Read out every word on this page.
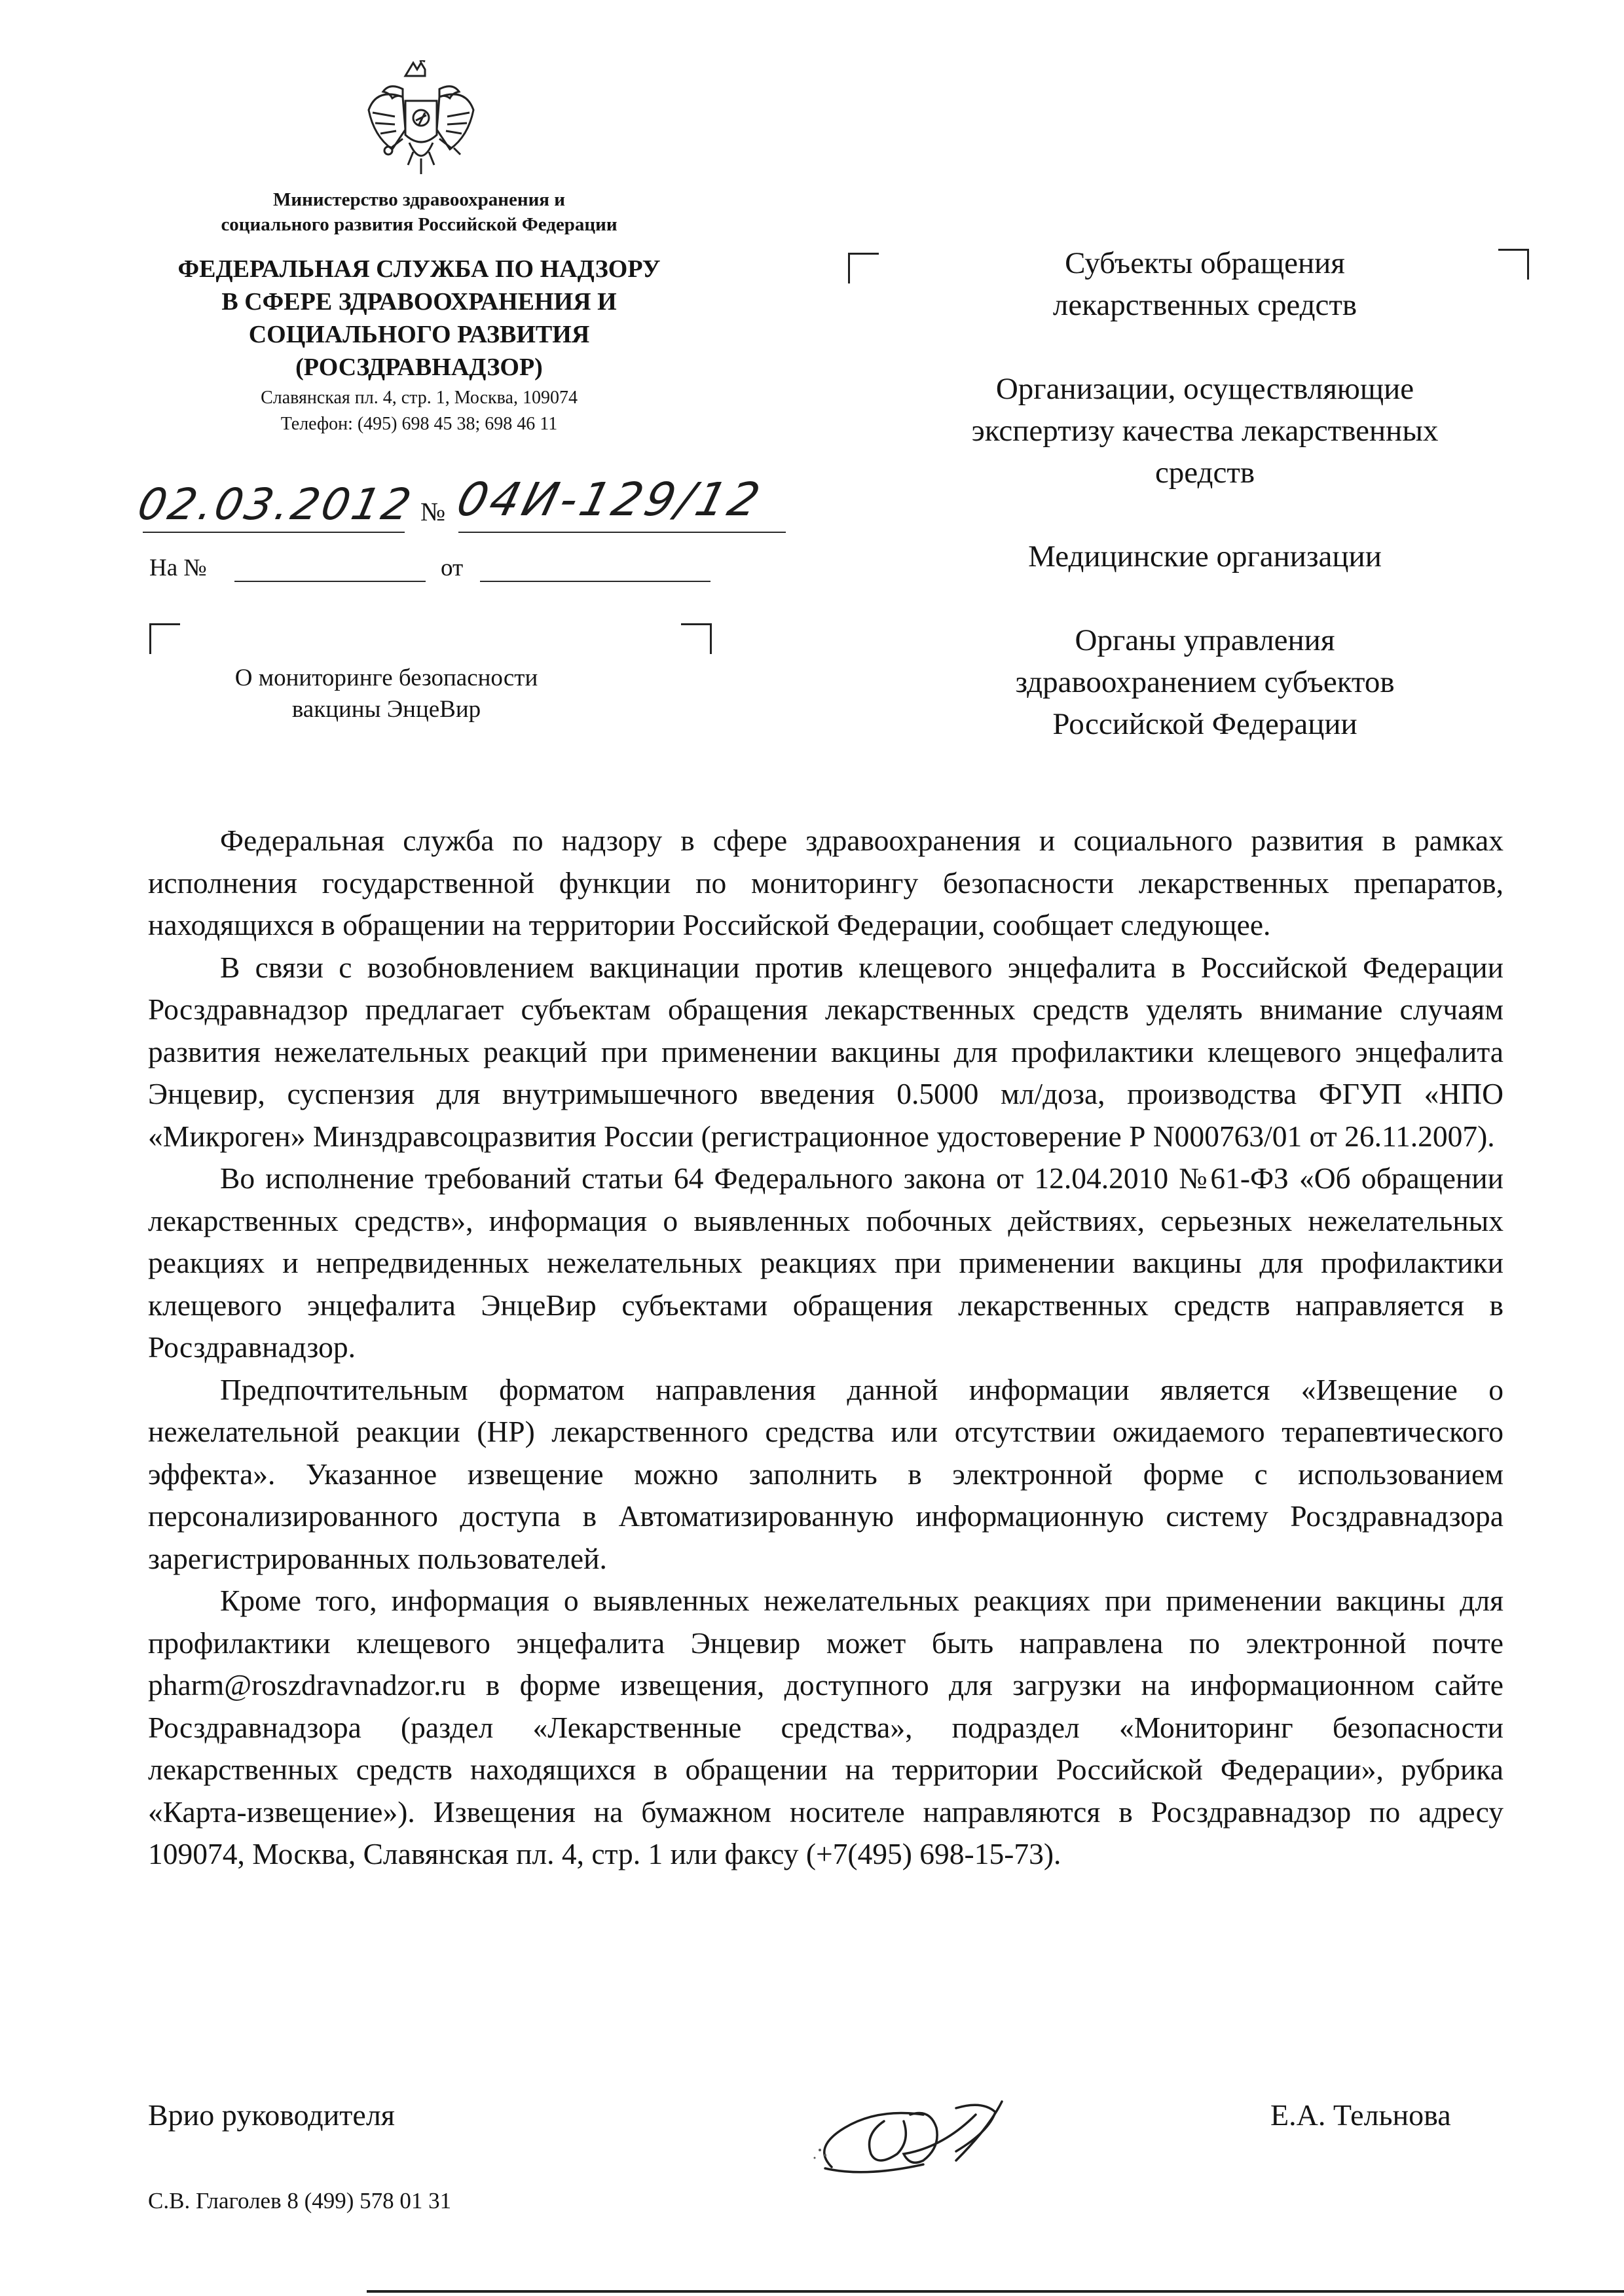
Министерство здравоохранения и
социального развития Российской Федерации
ФЕДЕРАЛЬНАЯ СЛУЖБА ПО НАДЗОРУ
В СФЕРЕ ЗДРАВООХРАНЕНИЯ И
СОЦИАЛЬНОГО РАЗВИТИЯ
(РОСЗДРАВНАДЗОР)
Славянская пл. 4, стр. 1, Москва, 109074
Телефон: (495) 698 45 38; 698 46 11
02.03.2012 № 04И-129/12
На №	от
О мониторинге безопасности
вакцины ЭнцеВир
Субъекты обращения
лекарственных средств
Организации, осуществляющие
экспертизу качества лекарственных
средств
Медицинские организации
Органы управления
здравоохранением субъектов
Российской Федерации

Федеральная служба по надзору в сфере здравоохранения и социального развития в рамках исполнения государственной функции по мониторингу безопасности лекарственных препаратов, находящихся в обращении на территории Российской Федерации, сообщает следующее.

В связи с возобновлением вакцинации против клещевого энцефалита в Российской Федерации Росздравнадзор предлагает субъектам обращения лекарственных средств уделять внимание случаям развития нежелательных реакций при применении вакцины для профилактики клещевого энцефалита Энцевир, суспензия для внутримышечного введения 0.5000 мл/доза, производства ФГУП «НПО «Микроген» Минздравсоцразвития России (регистрационное удостоверение Р N000763/01 от 26.11.2007).

Во исполнение требований статьи 64 Федерального закона от 12.04.2010 №61-ФЗ «Об обращении лекарственных средств», информация о выявленных побочных действиях, серьезных нежелательных реакциях и непредвиденных нежелательных реакциях при применении вакцины для профилактики клещевого энцефалита ЭнцеВир субъектами обращения лекарственных средств направляется в Росздравнадзор.

Предпочтительным форматом направления данной информации является «Извещение о нежелательной реакции (НР) лекарственного средства или отсутствии ожидаемого терапевтического эффекта». Указанное извещение можно заполнить в электронной форме с использованием персонализированного доступа в Автоматизированную информационную систему Росздравнадзора зарегистрированных пользователей.

Кроме того, информация о выявленных нежелательных реакциях при применении вакцины для профилактики клещевого энцефалита Энцевир может быть направлена по электронной почте pharm@roszdravnadzor.ru в форме извещения, доступного для загрузки на информационном сайте Росздравнадзора (раздел «Лекарственные средства», подраздел «Мониторинг безопасности лекарственных средств находящихся в обращении на территории Российской Федерации», рубрика «Карта-извещение»). Извещения на бумажном носителе направляются в Росздравнадзор по адресу 109074, Москва, Славянская пл. 4, стр. 1 или факсу (+7(495) 698-15-73).

Врио руководителя	Е.А. Тельнова
С.В. Глаголев 8 (499) 578 01 31
